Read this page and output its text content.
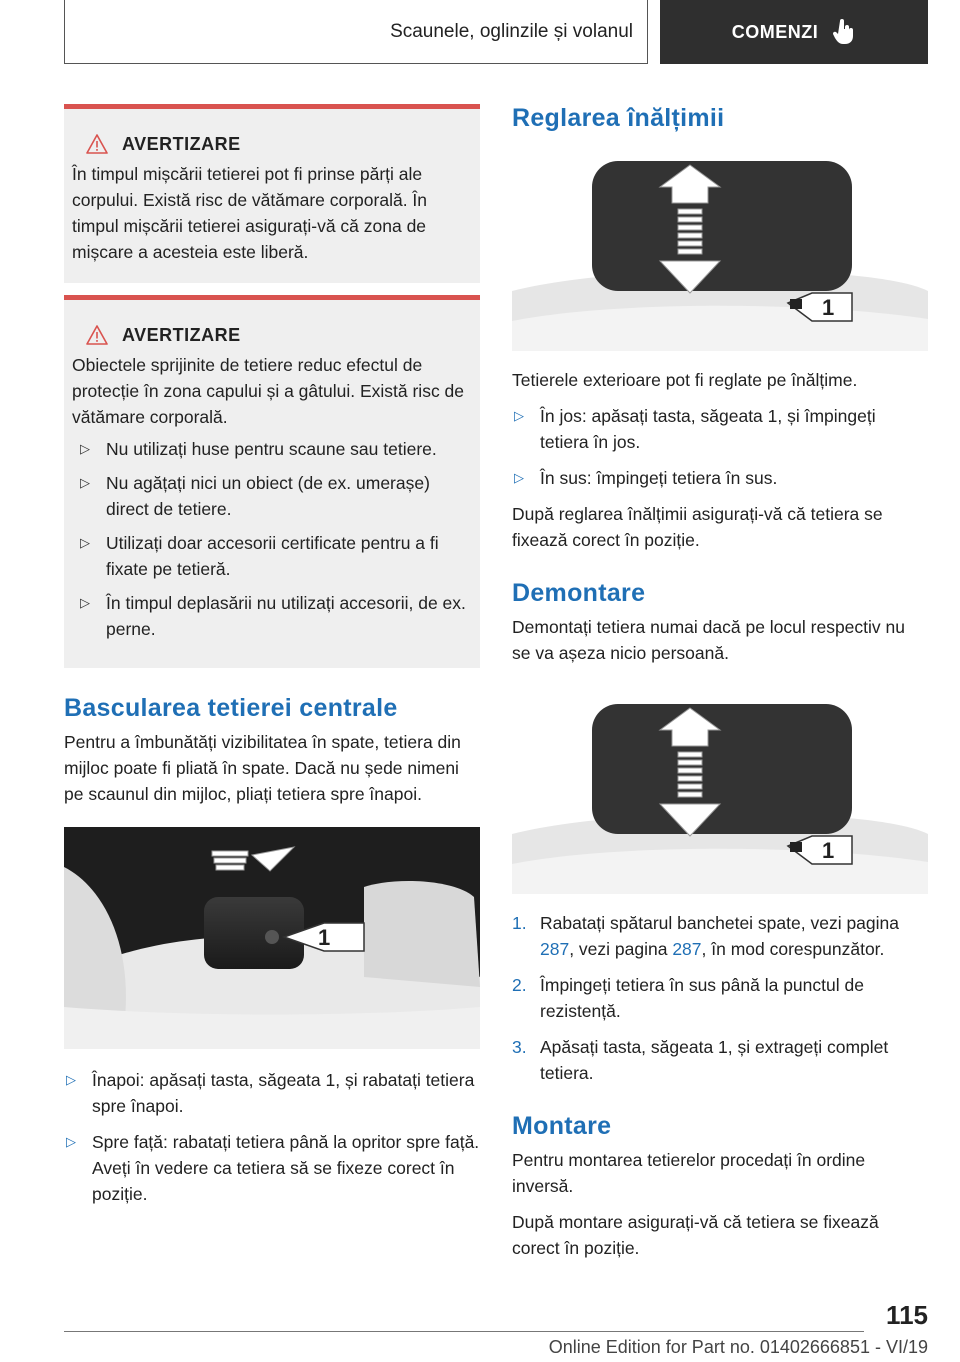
Scaunele, oglinzile și volanul	COMENZI
AVERTIZARE

În timpul mișcării tetierei pot fi prinse părți ale corpului. Există risc de vătămare corporală. În timpul mișcării tetierei asigurați-vă că zona de mișcare a acesteia este liberă.

AVERTIZARE

Obiectele sprijinite de tetiere reduc efectul de protecție în zona capului și a gâtului. Există risc de vătămare corporală.

▷ Nu utilizați huse pentru scaune sau tetiere.
▷ Nu agățați nici un obiect (de ex. umerașe) direct de tetiere.
▷ Utilizați doar accesorii certificate pentru a fi fixate pe tetieră.
▷ În timpul deplasării nu utilizați accesorii, de ex. perne.
Bascularea tetierei centrale

Pentru a îmbunătăți vizibilitatea în spate, tetiera din mijloc poate fi pliată în spate. Dacă nu șede nimeni pe scaunul din mijloc, pliați tetiera spre înapoi.

1
▷ Înapoi: apăsați tasta, săgeata 1, și rabatați tetiera spre înapoi.
▷ Spre față: rabatați tetiera până la opritor spre față. Aveți în vedere ca tetiera să se fixeze corect în poziție.
Reglarea înălțimii
1

Tetierele exterioare pot fi reglate pe înălțime.

▷ În jos: apăsați tasta, săgeata 1, și împingeți tetiera în jos.
▷ În sus: împingeți tetiera în sus.

După reglarea înălțimii asigurați-vă că tetiera se fixează corect în poziție.

Demontare

Demontați tetiera numai dacă pe locul respectiv nu se va așeza nicio persoană.

1
1. Rabatați spătarul banchetei spate, vezi pagina 287, vezi pagina 287, în mod corespunzător.
2. Împingeți tetiera în sus până la punctul de rezistență.
3. Apăsați tasta, săgeata 1, și extrageți complet tetiera.
Montare

Pentru montarea tetierelor procedați în ordine inversă.

După montare asigurați-vă că tetiera se fixează corect în poziție.

115
Online Edition for Part no. 01402666851 - VI/19
